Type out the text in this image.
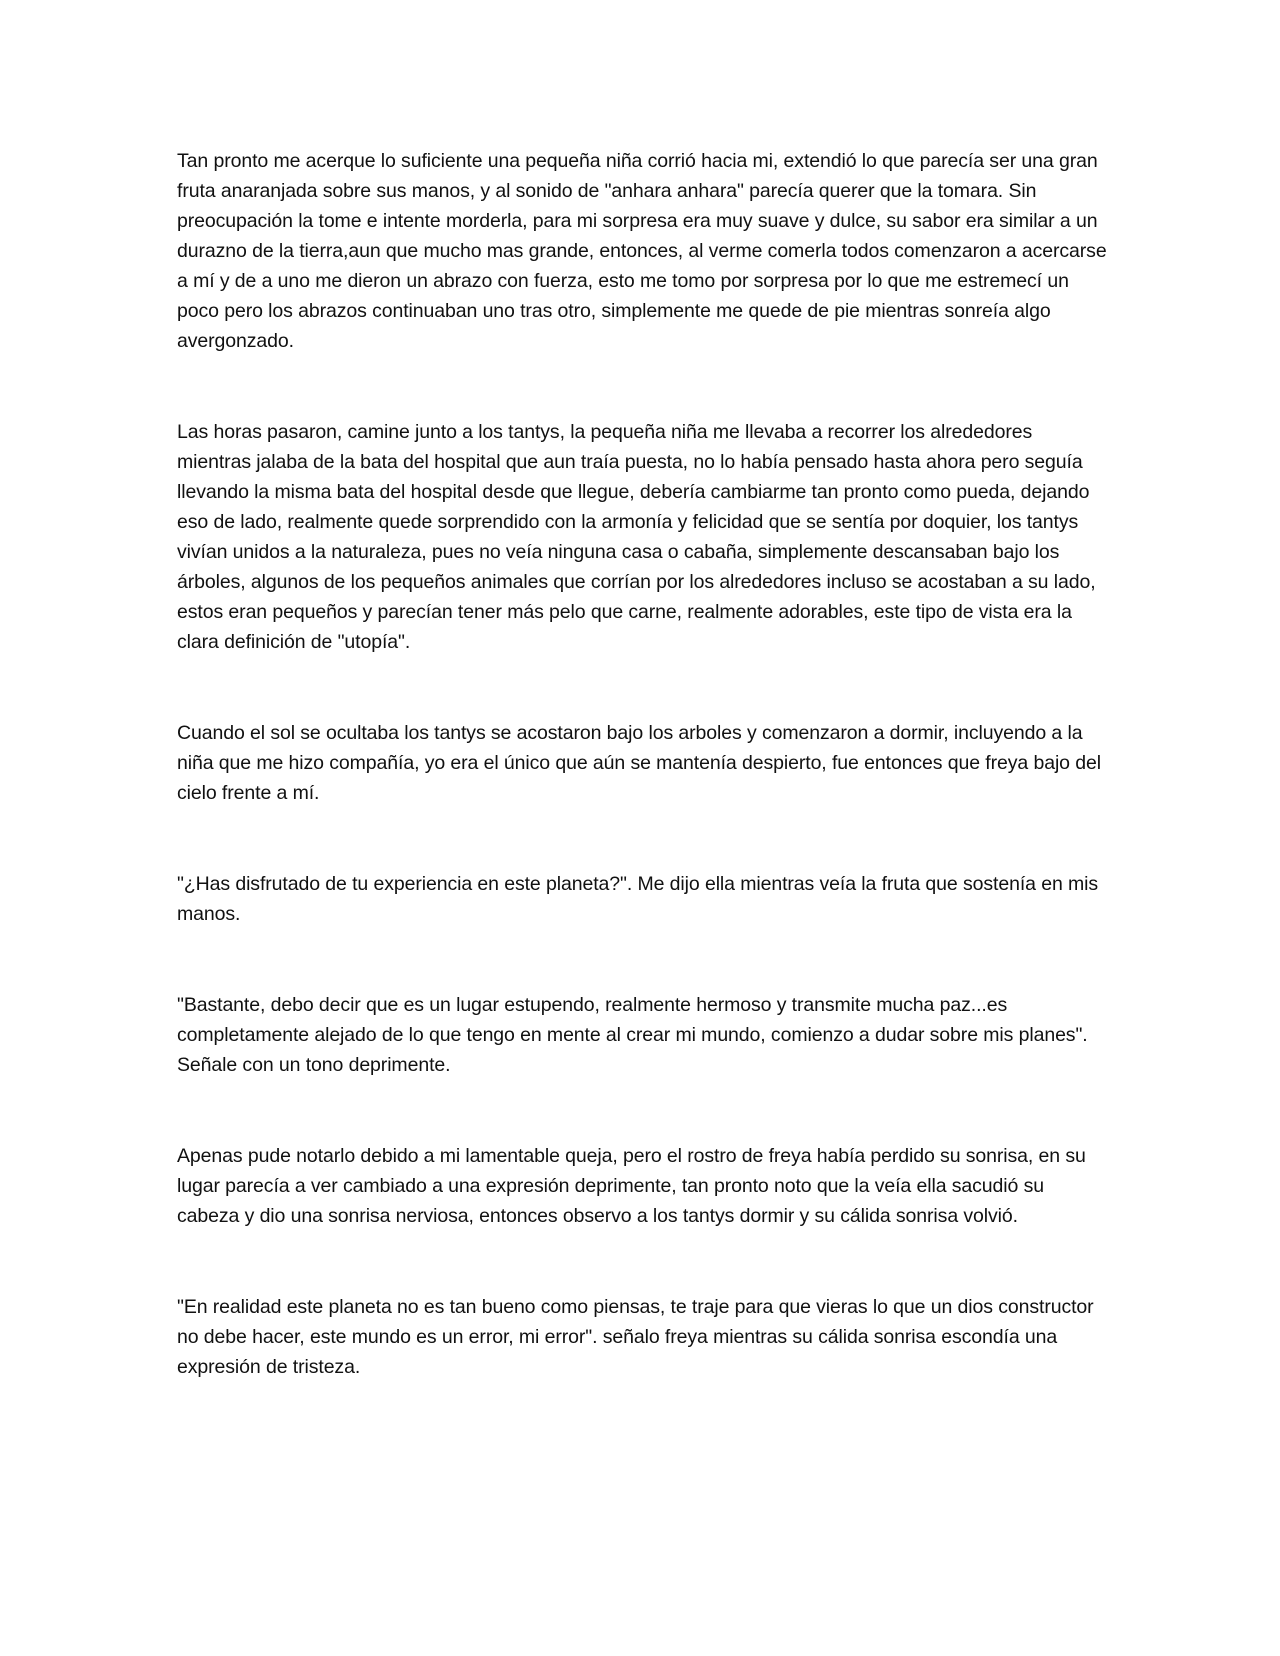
Tan pronto me acerque lo suficiente una pequeña niña corrió hacia mi, extendió lo que parecía ser una gran fruta anaranjada sobre sus manos, y al sonido de "anhara anhara" parecía querer que la tomara. Sin preocupación la tome e intente morderla, para mi sorpresa era muy suave y dulce, su sabor era similar a un durazno de la tierra,aun que mucho mas grande, entonces, al verme comerla todos comenzaron a acercarse a mí y de a uno me dieron un abrazo con fuerza, esto me tomo por sorpresa por lo que me estremecí un poco pero los abrazos continuaban uno tras otro, simplemente me quede de pie mientras sonreía algo avergonzado.

Las horas pasaron, camine junto a los tantys, la pequeña niña me llevaba a recorrer los alrededores mientras jalaba de la bata del hospital que aun traía puesta, no lo había pensado hasta ahora pero seguía llevando la misma bata del hospital desde que llegue, debería cambiarme tan pronto como pueda, dejando eso de lado, realmente quede sorprendido con la armonía y felicidad que se sentía por doquier, los tantys vivían unidos a la naturaleza, pues no veía ninguna casa o cabaña, simplemente descansaban bajo los árboles, algunos de los pequeños animales que corrían por los alrededores incluso se acostaban a su lado, estos eran pequeños y parecían tener más pelo que carne, realmente adorables, este tipo de vista era la clara definición de "utopía".

Cuando el sol se ocultaba los tantys se acostaron bajo los arboles y comenzaron a dormir, incluyendo a la niña que me hizo compañía, yo era el único que aún se mantenía despierto, fue entonces que freya bajo del cielo frente a mí.

"¿Has disfrutado de tu experiencia en este planeta?". Me dijo ella mientras veía la fruta que sostenía en mis manos.

"Bastante, debo decir que es un lugar estupendo, realmente hermoso y transmite mucha paz...es completamente alejado de lo que tengo en mente al crear mi mundo, comienzo a dudar sobre mis planes". Señale con un tono deprimente.

Apenas pude notarlo debido a mi lamentable queja, pero el rostro de freya había perdido su sonrisa, en su lugar parecía a ver cambiado a una expresión deprimente, tan pronto noto que la veía ella sacudió su cabeza y dio una sonrisa nerviosa, entonces observo a los tantys dormir y su cálida sonrisa volvió.

"En realidad este planeta no es tan bueno como piensas, te traje para que vieras lo que un dios constructor no debe hacer, este mundo es un error, mi error". señalo freya mientras su cálida sonrisa escondía una expresión de tristeza.
